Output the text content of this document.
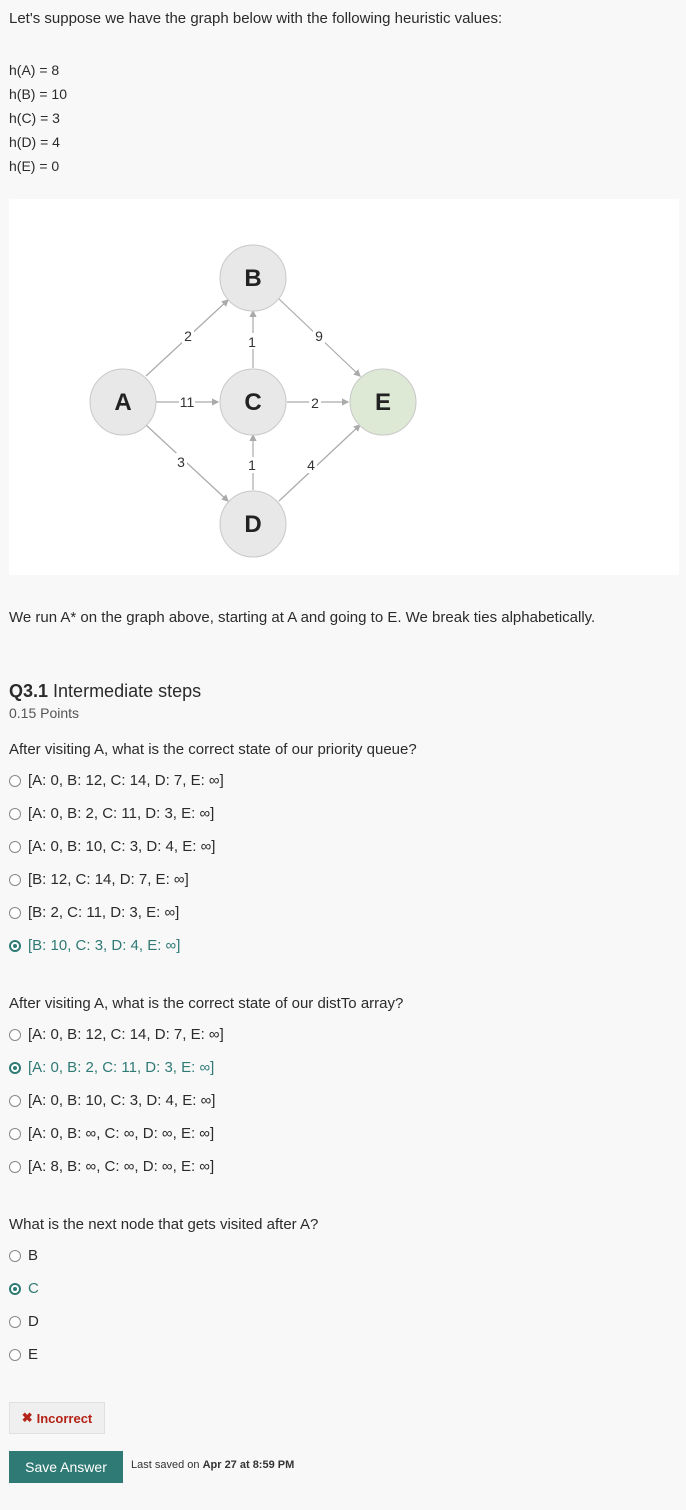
Let's suppose we have the graph below with the following heuristic values:
h(A) = 8
h(B) = 10
h(C) = 3
h(D) = 4
h(E) = 0
2	1	9
11	2
3	1	4
A
B
C
D
E
We run A* on the graph above, starting at A and going to E. We break ties alphabetically.
Q3.1 Intermediate steps
0.15 Points
After visiting A, what is the correct state of our priority queue?
[A: 0, B: 12, C: 14, D: 7, E: ∞]
[A: 0, B: 2, C: 11, D: 3, E: ∞]
[A: 0, B: 10, C: 3, D: 4, E: ∞]
[B: 12, C: 14, D: 7, E: ∞]
[B: 2, C: 11, D: 3, E: ∞]
[B: 10, C: 3, D: 4, E: ∞]
After visiting A, what is the correct state of our distTo array?
[A: 0, B: 12, C: 14, D: 7, E: ∞]
[A: 0, B: 2, C: 11, D: 3, E: ∞]
[A: 0, B: 10, C: 3, D: 4, E: ∞]
[A: 0, B: ∞, C: ∞, D: ∞, E: ∞]
[A: 8, B: ∞, C: ∞, D: ∞, E: ∞]
What is the next node that gets visited after A?
B
C
D
E
✖ Incorrect
Save Answer	Last saved on Apr 27 at 8:59 PM
